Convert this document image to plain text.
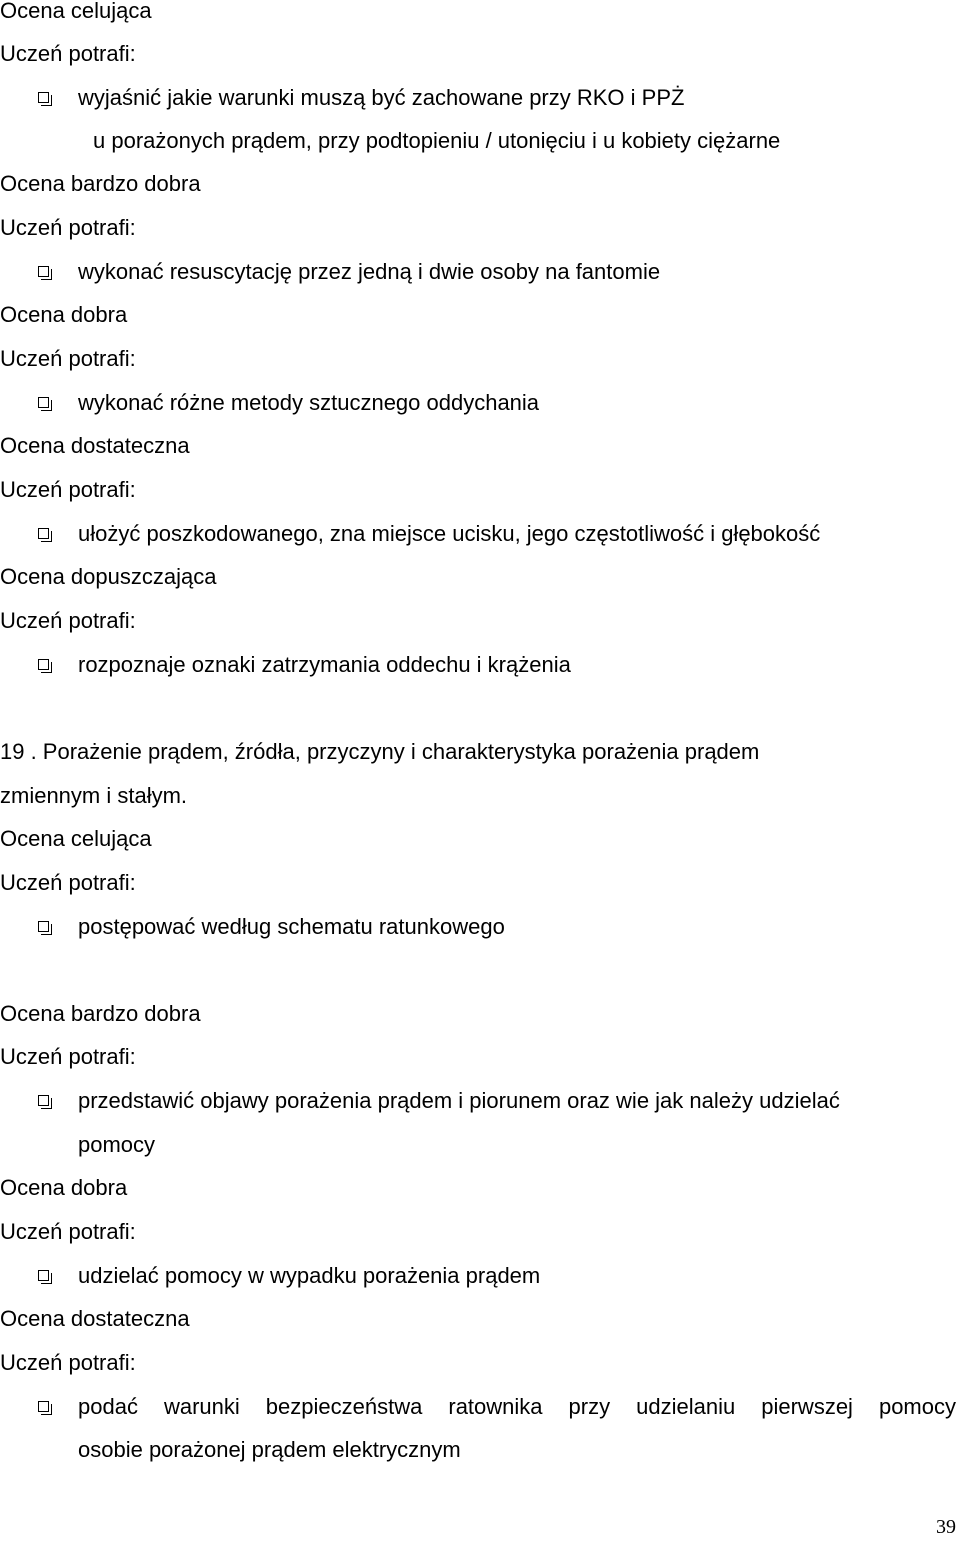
Ocena celująca
Uczeń potrafi:
wyjaśnić jakie warunki muszą być zachowane przy RKO i PPŻ
u porażonych prądem, przy podtopieniu / utonięciu i u kobiety ciężarne
Ocena bardzo dobra
Uczeń potrafi:
wykonać resuscytację przez jedną i dwie osoby na fantomie
Ocena dobra
Uczeń potrafi:
wykonać różne metody sztucznego oddychania
Ocena dostateczna
Uczeń potrafi:
ułożyć poszkodowanego, zna miejsce ucisku, jego częstotliwość i głębokość
Ocena dopuszczająca
Uczeń potrafi:
rozpoznaje oznaki zatrzymania oddechu i krążenia
19 . Porażenie prądem, źródła, przyczyny i charakterystyka porażenia prądem
zmiennym i stałym.
Ocena celująca
Uczeń potrafi:
postępować według schematu ratunkowego
Ocena bardzo dobra
Uczeń potrafi:
przedstawić objawy porażenia prądem i piorunem oraz wie jak należy udzielać
pomocy
Ocena dobra
Uczeń potrafi:
udzielać pomocy w wypadku porażenia prądem
Ocena dostateczna
Uczeń potrafi:
podać warunki bezpieczeństwa ratownika przy udzielaniu pierwszej pomocy
osobie porażonej prądem elektrycznym
39
